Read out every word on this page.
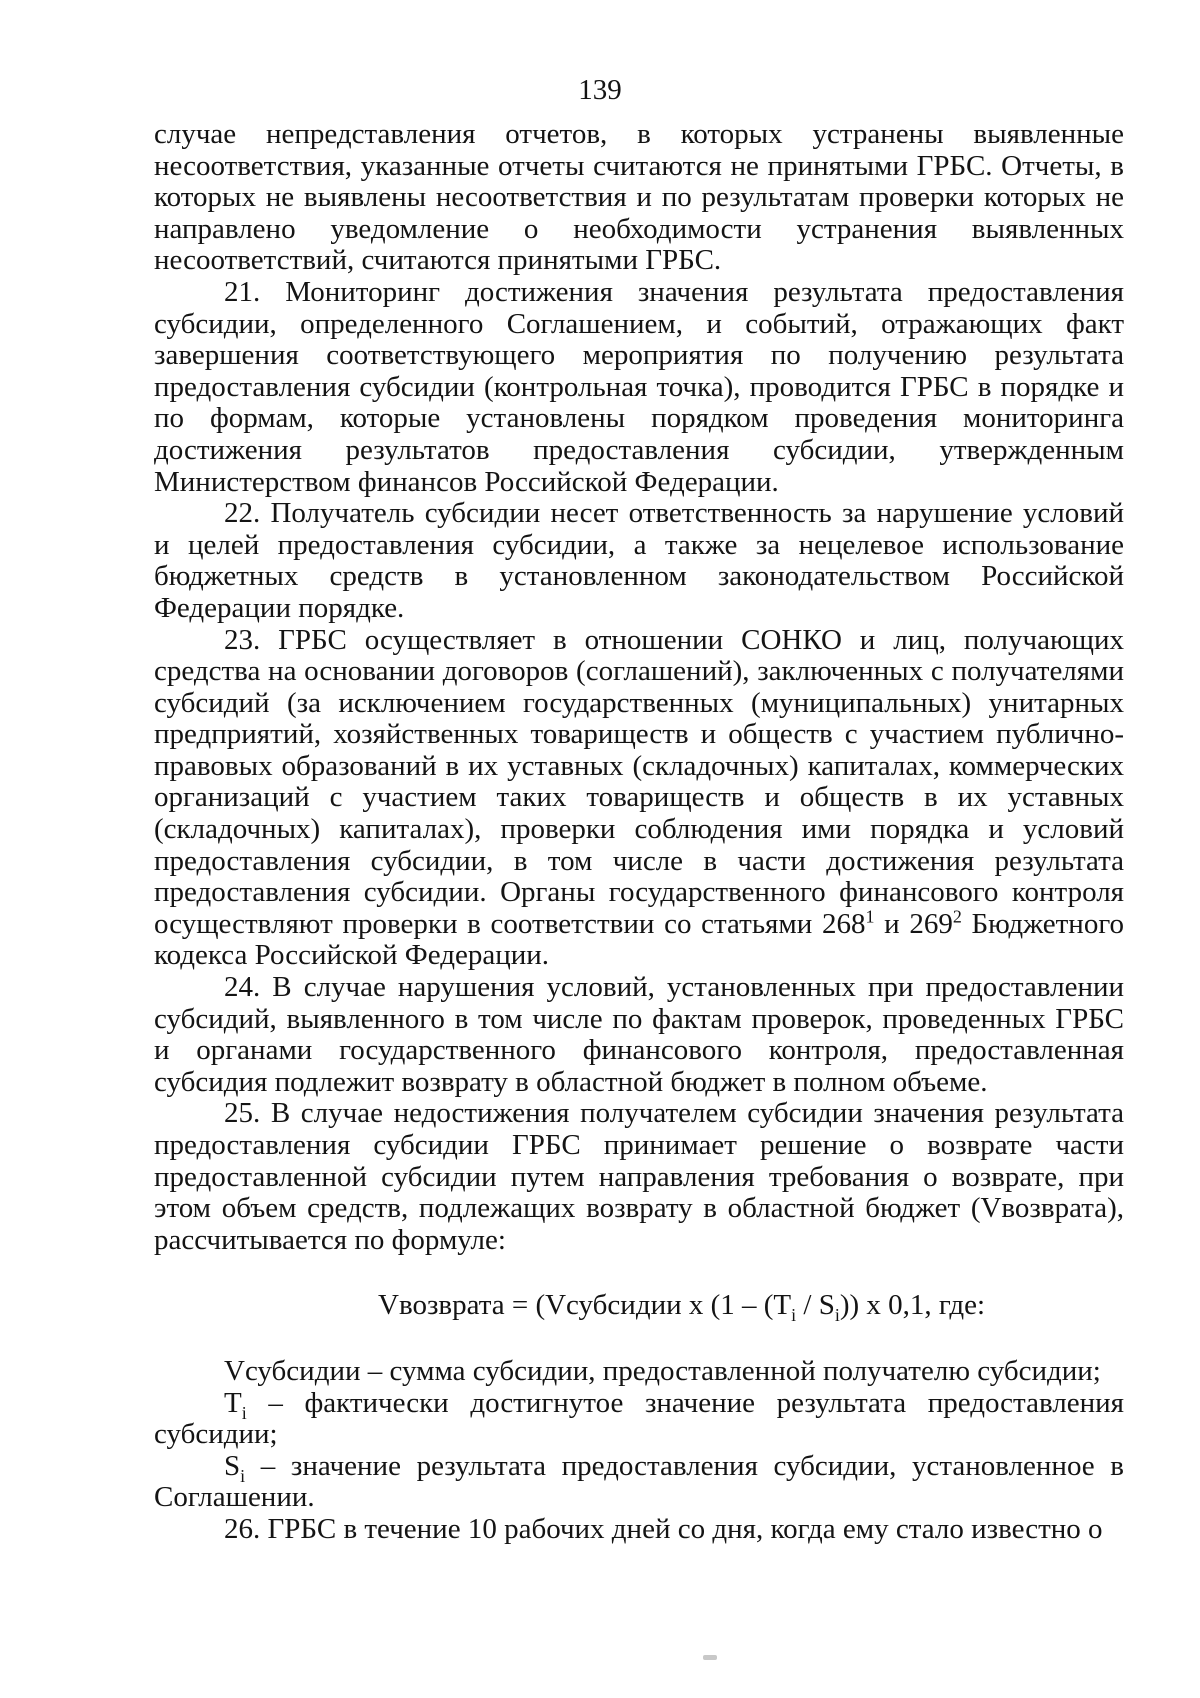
139

случае непредставления отчетов, в которых устранены выявленные несоответствия, указанные отчеты считаются не принятыми ГРБС. Отчеты, в которых не выявлены несоответствия и по результатам проверки которых не направлено уведомление о необходимости устранения выявленных несоответствий, считаются принятыми ГРБС.

21. Мониторинг достижения значения результата предоставления субсидии, определенного Соглашением, и событий, отражающих факт завершения соответствующего мероприятия по получению результата предоставления субсидии (контрольная точка), проводится ГРБС в порядке и по формам, которые установлены порядком проведения мониторинга достижения результатов предоставления субсидии, утвержденным Министерством финансов Российской Федерации.

22. Получатель субсидии несет ответственность за нарушение условий и целей предоставления субсидии, а также за нецелевое использование бюджетных средств в установленном законодательством Российской Федерации порядке.

23. ГРБС осуществляет в отношении СОНКО и лиц, получающих средства на основании договоров (соглашений), заключенных с получателями субсидий (за исключением государственных (муниципальных) унитарных предприятий, хозяйственных товариществ и обществ с участием публично-правовых образований в их уставных (складочных) капиталах, коммерческих организаций с участием таких товариществ и обществ в их уставных (складочных) капиталах), проверки соблюдения ими порядка и условий предоставления субсидии, в том числе в части достижения результата предоставления субсидии. Органы государственного финансового контроля осуществляют проверки в соответствии со статьями $268^1$ и $269^2$ Бюджетного кодекса Российской Федерации.

24. В случае нарушения условий, установленных при предоставлении субсидий, выявленного в том числе по фактам проверок, проведенных ГРБС и органами государственного финансового контроля, предоставленная субсидия подлежит возврату в областной бюджет в полном объеме.

25. В случае недостижения получателем субсидии значения результата предоставления субсидии ГРБС принимает решение о возврате части предоставленной субсидии путем направления требования о возврате, при этом объем средств, подлежащих возврату в областной бюджет (Vвозврата), рассчитывается по формуле:

Vвозврата = (Vсубсидии x $(1 - (T_i / S_i))$ x 0,1, где:

Vсубсидии – сумма субсидии, предоставленной получателю субсидии;

$T_i$ – фактически достигнутое значение результата предоставления субсидии;

$S_i$ – значение результата предоставления субсидии, установленное в Соглашении.

26. ГРБС в течение 10 рабочих дней со дня, когда ему стало известно о
